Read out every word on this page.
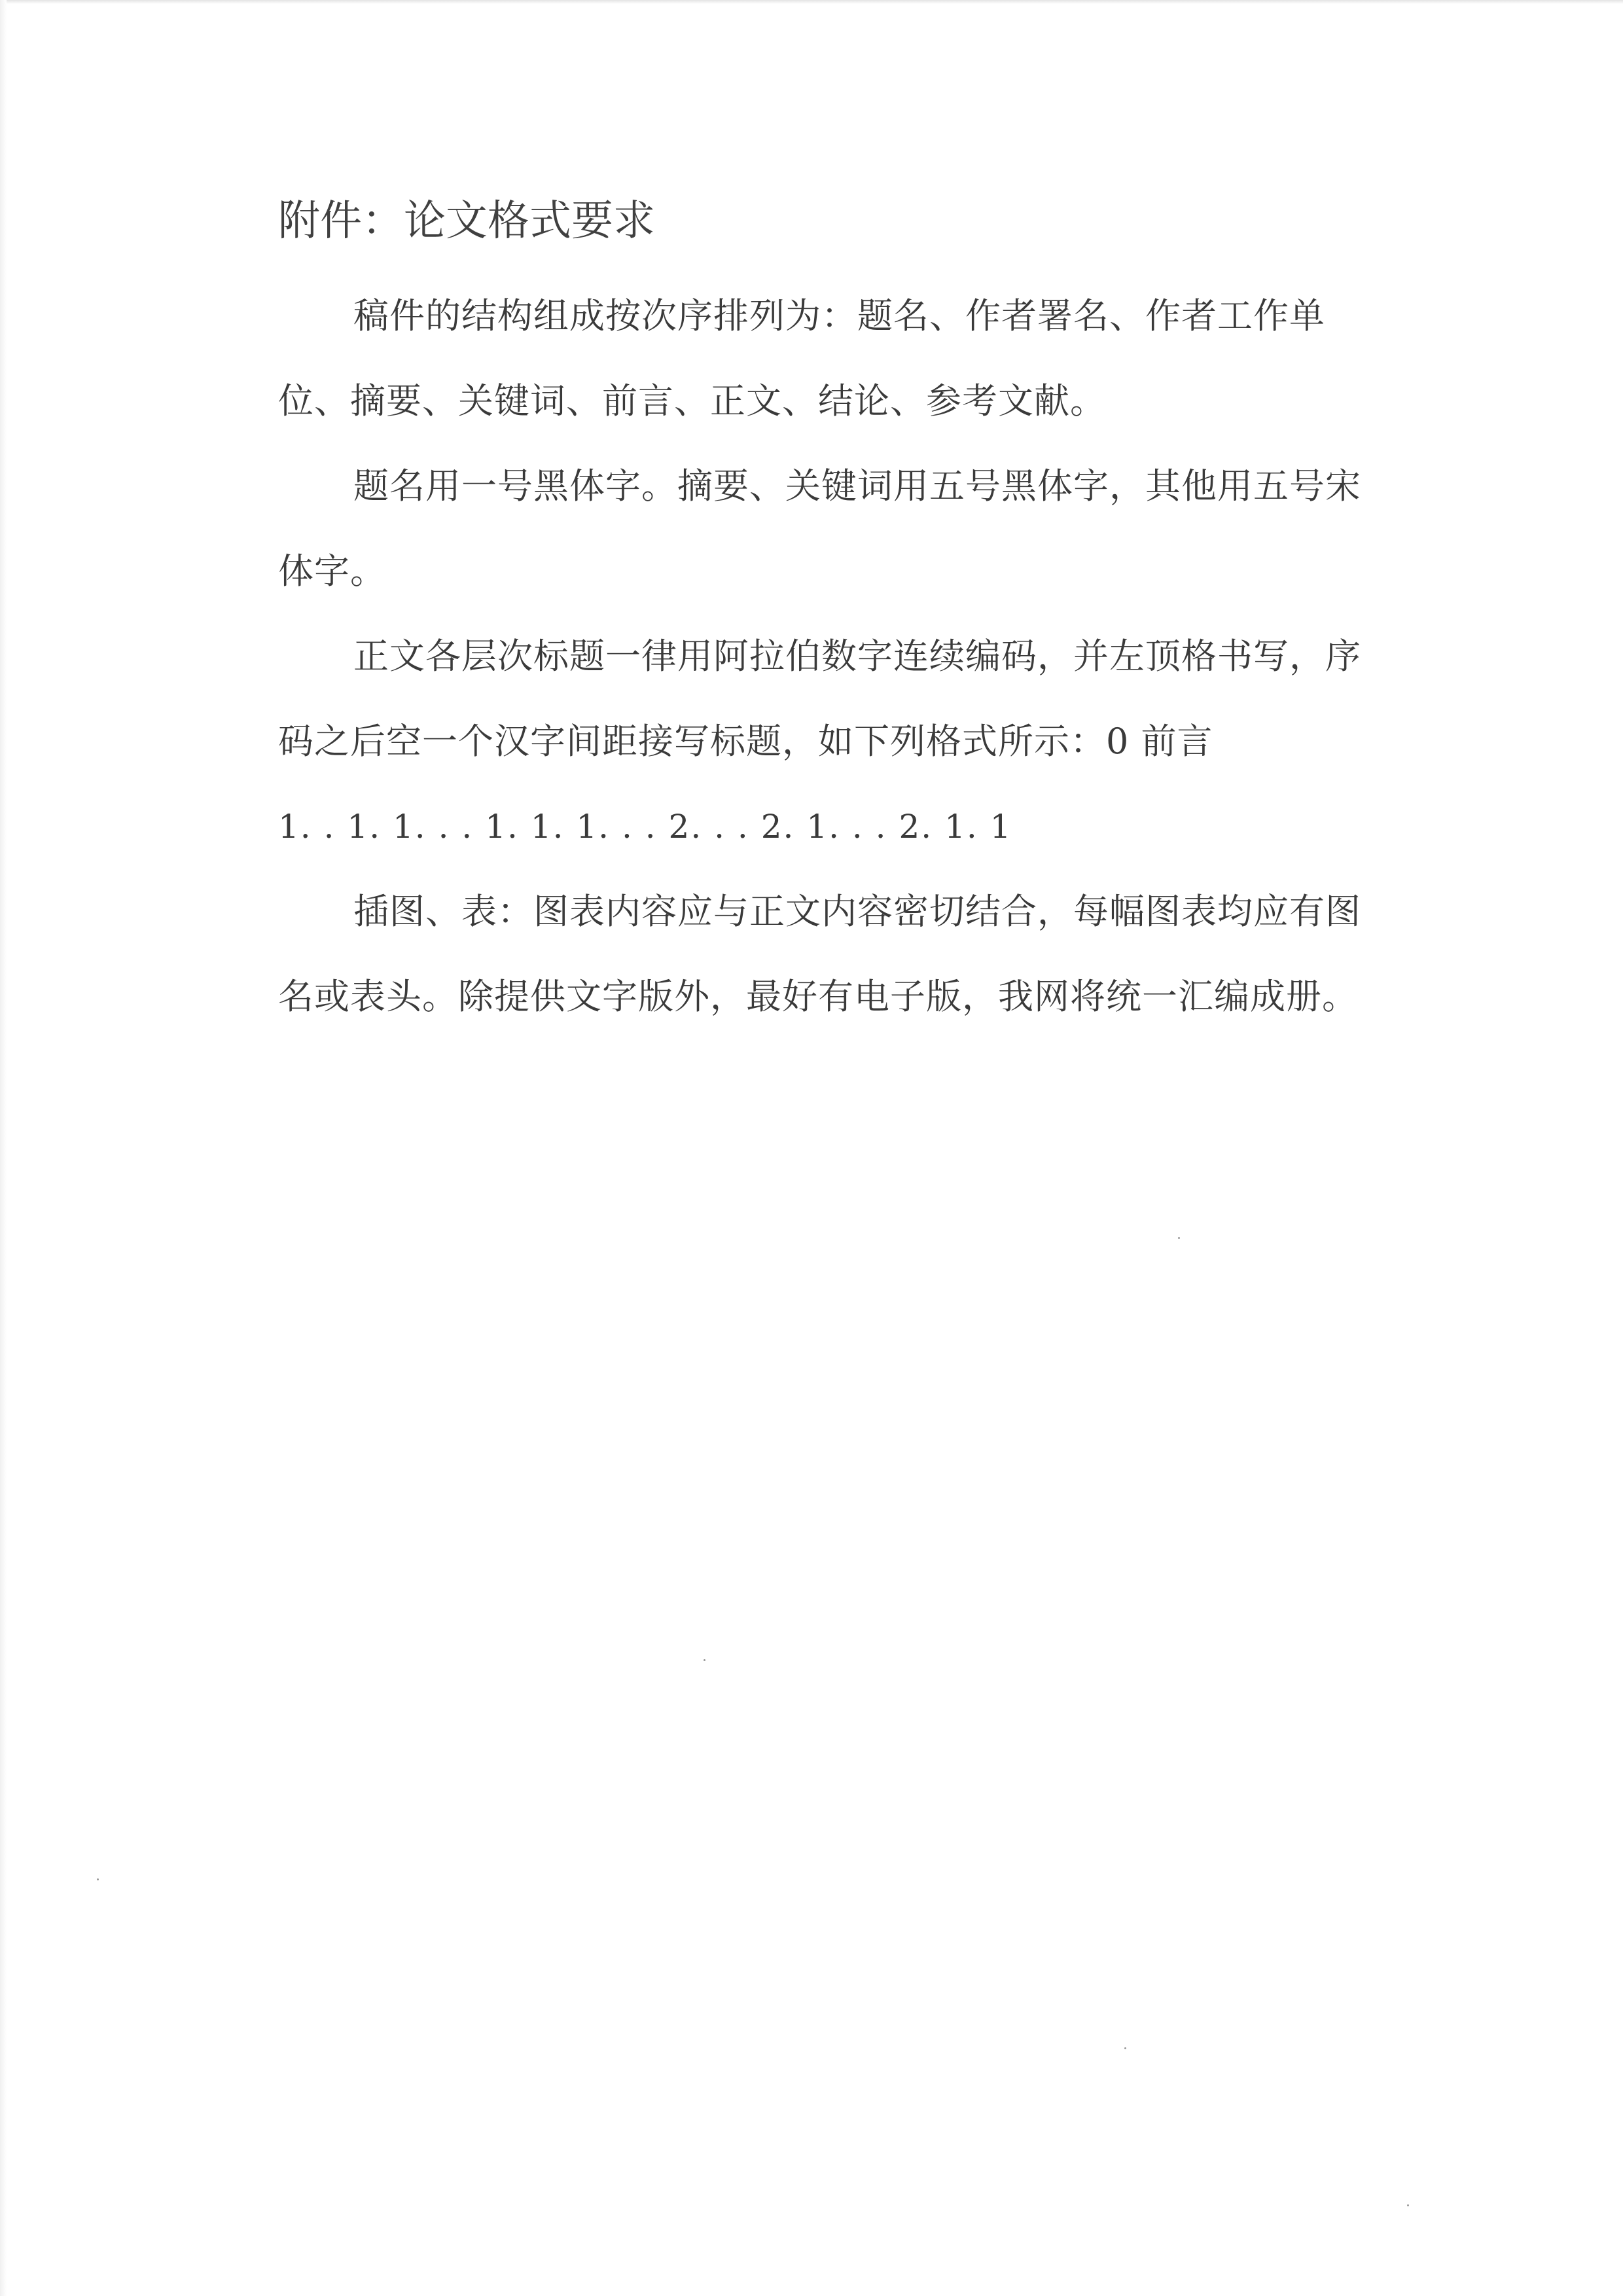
附件：论文格式要求

稿件的结构组成按次序排列为：题名、作者署名、作者工作单位、摘要、关键词、前言、正文、结论、参考文献。

题名用一号黑体字。摘要、关键词用五号黑体字，其他用五号宋体字。

正文各层次标题一律用阿拉伯数字连续编码，并左顶格书写，序码之后空一个汉字间距接写标题，如下列格式所示：0 前言

1. . 1. 1. . . 1. 1. 1. . . 2. . . 2. 1. . . 2. 1. 1

插图、表：图表内容应与正文内容密切结合，每幅图表均应有图名或表头。除提供文字版外，最好有电子版，我网将统一汇编成册。
